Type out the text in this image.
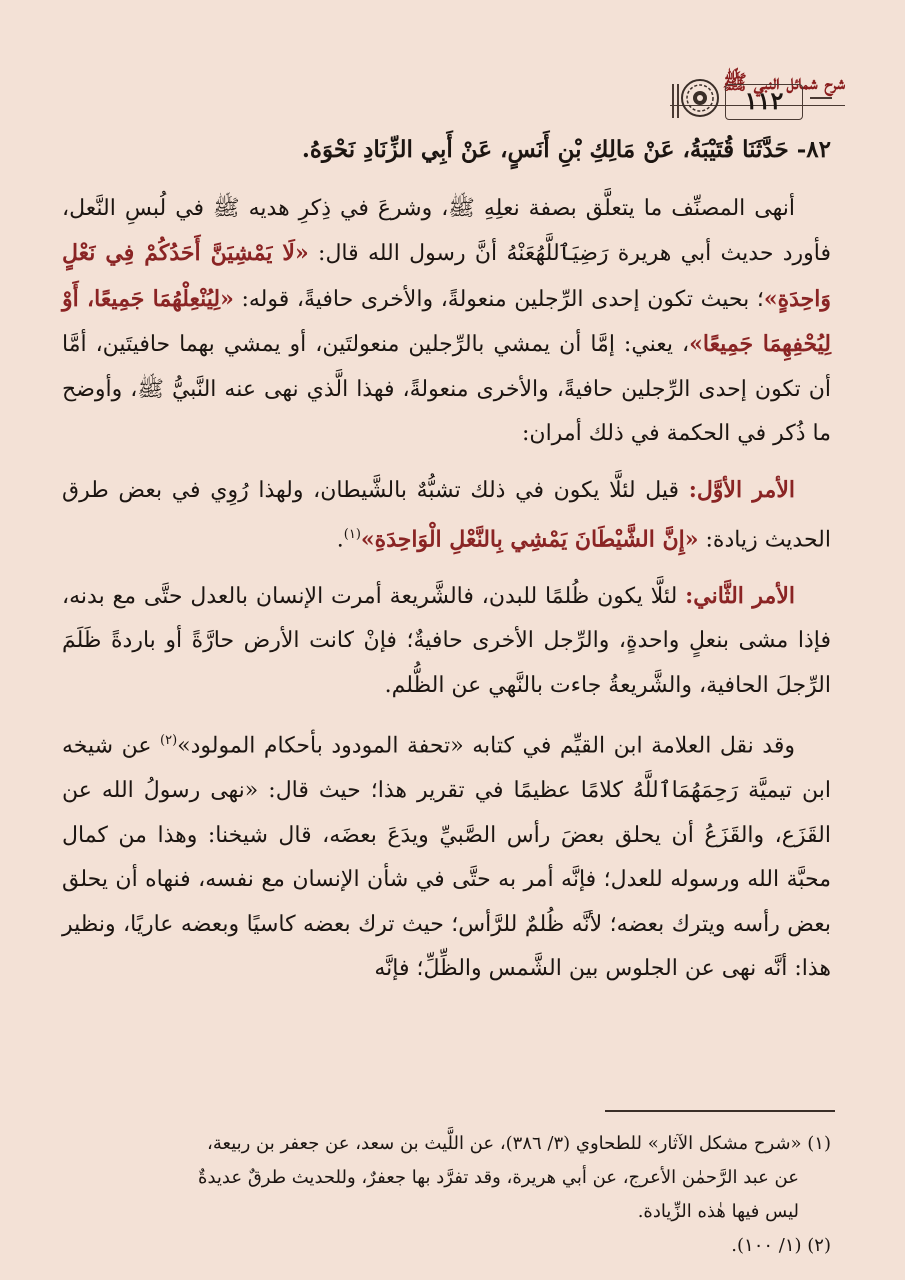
شرح شمائل النبي ﷺ
١١٢

٨٢- حَدَّثَنَا قُتَيْبَةُ، عَنْ مَالِكِ بْنِ أَنَسٍ، عَنْ أَبِي الزِّنَادِ نَحْوَهُ.

أنهى المصنِّف ما يتعلَّق بصفة نعلِهِ ﷺ، وشرعَ في ذِكرِ هديه ﷺ في لُبسِ النَّعل، فأورد حديث أبي هريرة رَضِيَٱللَّهُعَنْهُ أنَّ رسول الله قال: «لَا يَمْشِيَنَّ أَحَدُكُمْ فِي نَعْلٍ وَاحِدَةٍ»؛ بحيث تكون إحدى الرِّجلين منعولةً، والأخرى حافيةً، قوله: «لِيُنْعِلْهُمَا جَمِيعًا، أَوْ لِيُحْفِهِمَا جَمِيعًا»، يعني: إمَّا أن يمشي بالرِّجلين منعولتَين، أو يمشي بهما حافيتَين، أمَّا أن تكون إحدى الرِّجلين حافيةً، والأخرى منعولةً، فهذا الَّذي نهى عنه النَّبيُّ ﷺ، وأوضح ما ذُكر في الحكمة في ذلك أمران:

الأمر الأوَّل: قيل لئلَّا يكون في ذلك تشبُّهٌ بالشَّيطان، ولهذا رُوِي في بعض طرق الحديث زيادة: «إِنَّ الشَّيْطَانَ يَمْشِي بِالنَّعْلِ الْوَاحِدَةِ»$^{(١)}$.

الأمر الثَّاني: لئلَّا يكون ظُلمًا للبدن، فالشَّريعة أمرت الإنسان بالعدل حتَّى مع بدنه، فإذا مشى بنعلٍ واحدةٍ، والرِّجل الأخرى حافيةٌ؛ فإنْ كانت الأرض حارَّةً أو باردةً ظَلَمَ الرِّجلَ الحافية، والشَّريعةُ جاءت بالنَّهي عن الظُّلم.

وقد نقل العلامة ابن القيِّم في كتابه «تحفة المودود بأحكام المولود»$^{(٢)}$ عن شيخه ابن تيميَّة رَحِمَهُمَاٱللَّهُ كلامًا عظيمًا في تقرير هذا؛ حيث قال: «نهى رسولُ الله عن القَزَع، والقَزَعُ أن يحلق بعضَ رأس الصَّبيِّ ويدَعَ بعضَه، قال شيخنا: وهذا من كمال محبَّة الله ورسوله للعدل؛ فإنَّه أمر به حتَّى في شأن الإنسان مع نفسه، فنهاه أن يحلق بعض رأسه ويترك بعضه؛ لأنَّه ظُلمٌ للرَّأس؛ حيث ترك بعضه كاسيًا وبعضه عاريًا، ونظير هذا: أنَّه نهى عن الجلوس بين الشَّمس والظِّلِّ؛ فإنَّه

(١) «شرح مشكل الآثار» للطحاوي (٣/ ٣٨٦)، عن اللَّيث بن سعد، عن جعفر بن ربيعة،

عن عبد الرَّحمٰن الأعرج، عن أبي هريرة، وقد تفرَّد بها جعفرٌ، وللحديث طرقٌ عديدةٌ

ليس فيها هٰذه الزِّيادة.

(٢) (١/ ١٠٠).
